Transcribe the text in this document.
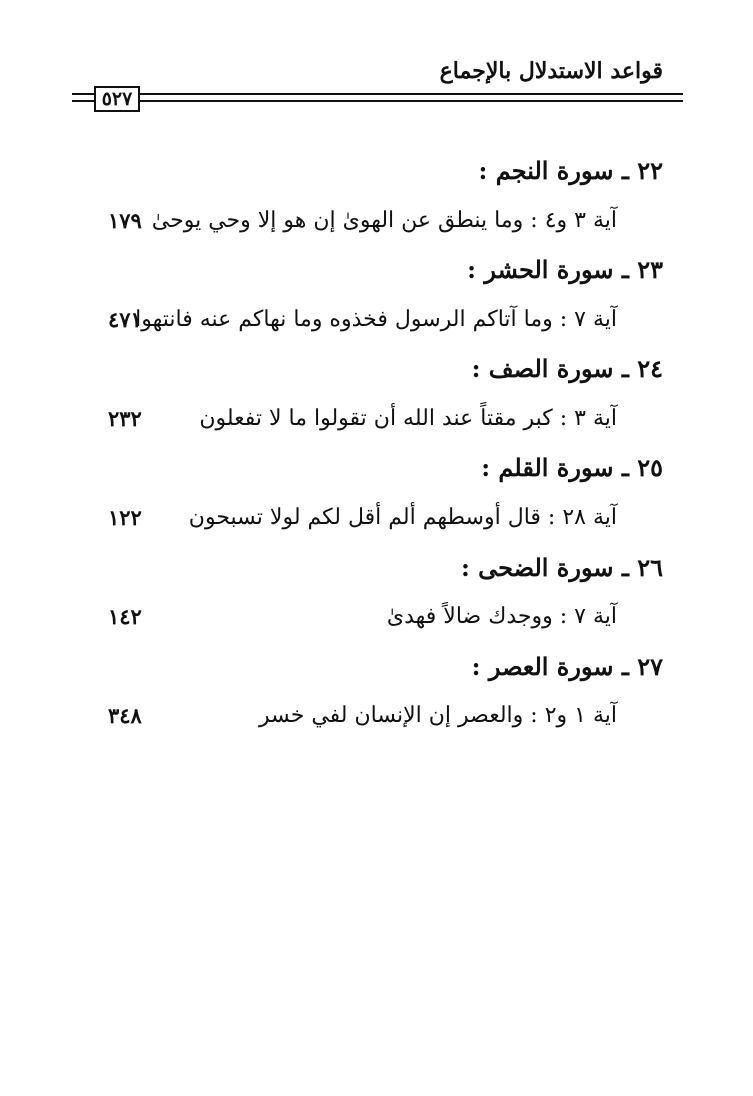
قواعد الاستدلال بالإجماع
٥٢٧
٢٢ ـ سورة النجم :
آية ٣ و٤ : وما ينطق عن الهوىٰ إن هو إلا وحي يوحىٰ
١٧٩
٢٣ ـ سورة الحشر :
آية ٧ : وما آتاكم الرسول فخذوه وما نهاكم عنه فانتهوا
٤٧١
٢٤ ـ سورة الصف :
آية ٣ : كبر مقتاً عند الله أن تقولوا ما لا تفعلون
٢٣٢
٢٥ ـ سورة القلم :
آية ٢٨ : قال أوسطهم ألم أقل لكم لولا تسبحون
١٢٢
٢٦ ـ سورة الضحى :
آية ٧ : ووجدك ضالاً فهدىٰ
١٤٢
٢٧ ـ سورة العصر :
آية ١ و٢ : والعصر إن الإنسان لفي خسر
٣٤٨
